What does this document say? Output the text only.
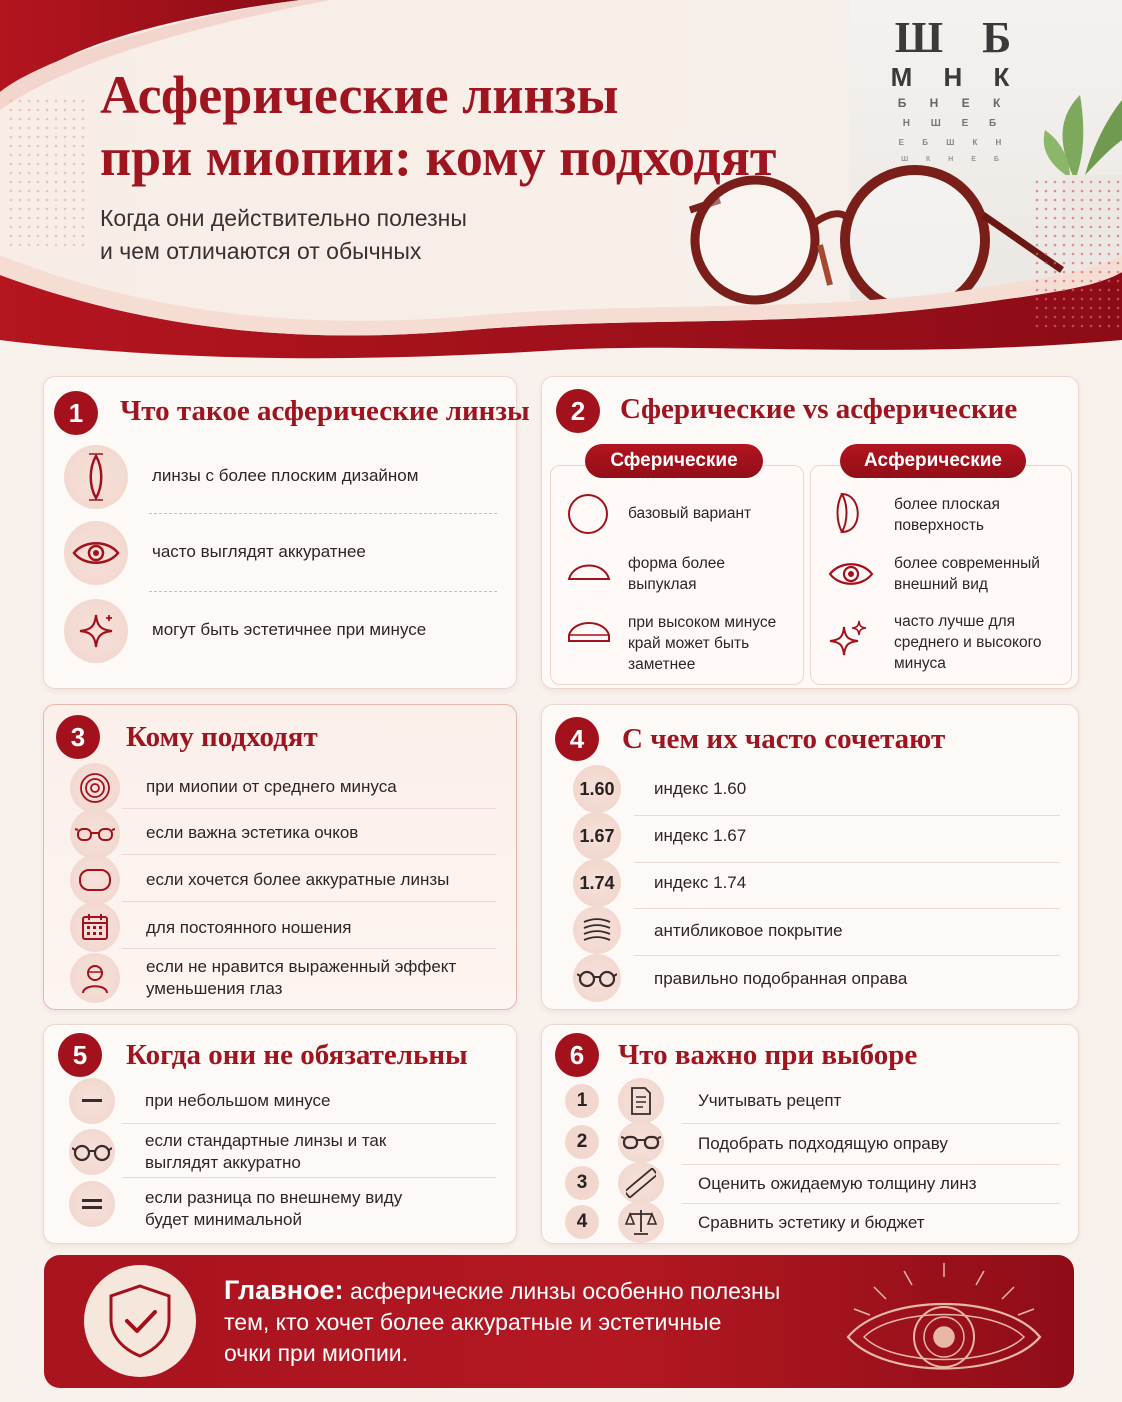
Ш Б
М Н К
Б Н Е К
Н Ш Е Б
Е Б Ш К Н
Ш К Н Е Б
Асферические линзы
при миопии: кому подходят
Когда они действительно полезны
и чем отличаются от обычных
1	Что такое асферические линзы
линзы с более плоским дизайном
часто выглядят аккуратнее
могут быть эстетичнее при минусе
2	Сферические vs асферические
Сферические
базовый вариант
форма более
выпуклая
при высоком минусе
край может быть
заметнее
Асферические
более плоская
поверхность
более современный
внешний вид
часто лучше для
среднего и высокого
минуса
3	Кому подходят
при миопии от среднего минуса
если важна эстетика очков
если хочется более аккуратные линзы
для постоянного ношения
если не нравится выраженный эффект
уменьшения глаз
4	С чем их часто сочетают
1.60	индекс 1.60
1.67	индекс 1.67
1.74	индекс 1.74
антибликовое покрытие
правильно подобранная оправа
5	Когда они не обязательны
при небольшом минусе
если стандартные линзы и так
выглядят аккуратно
если разница по внешнему виду
будет минимальной
6	Что важно при выборе
1	Учитывать рецепт
2	Подобрать подходящую оправу
3	Оценить ожидаемую толщину линз
4	Сравнить эстетику и бюджет
Главное: асферические линзы особенно полезны
тем, кто хочет более аккуратные и эстетичные
очки при миопии.
